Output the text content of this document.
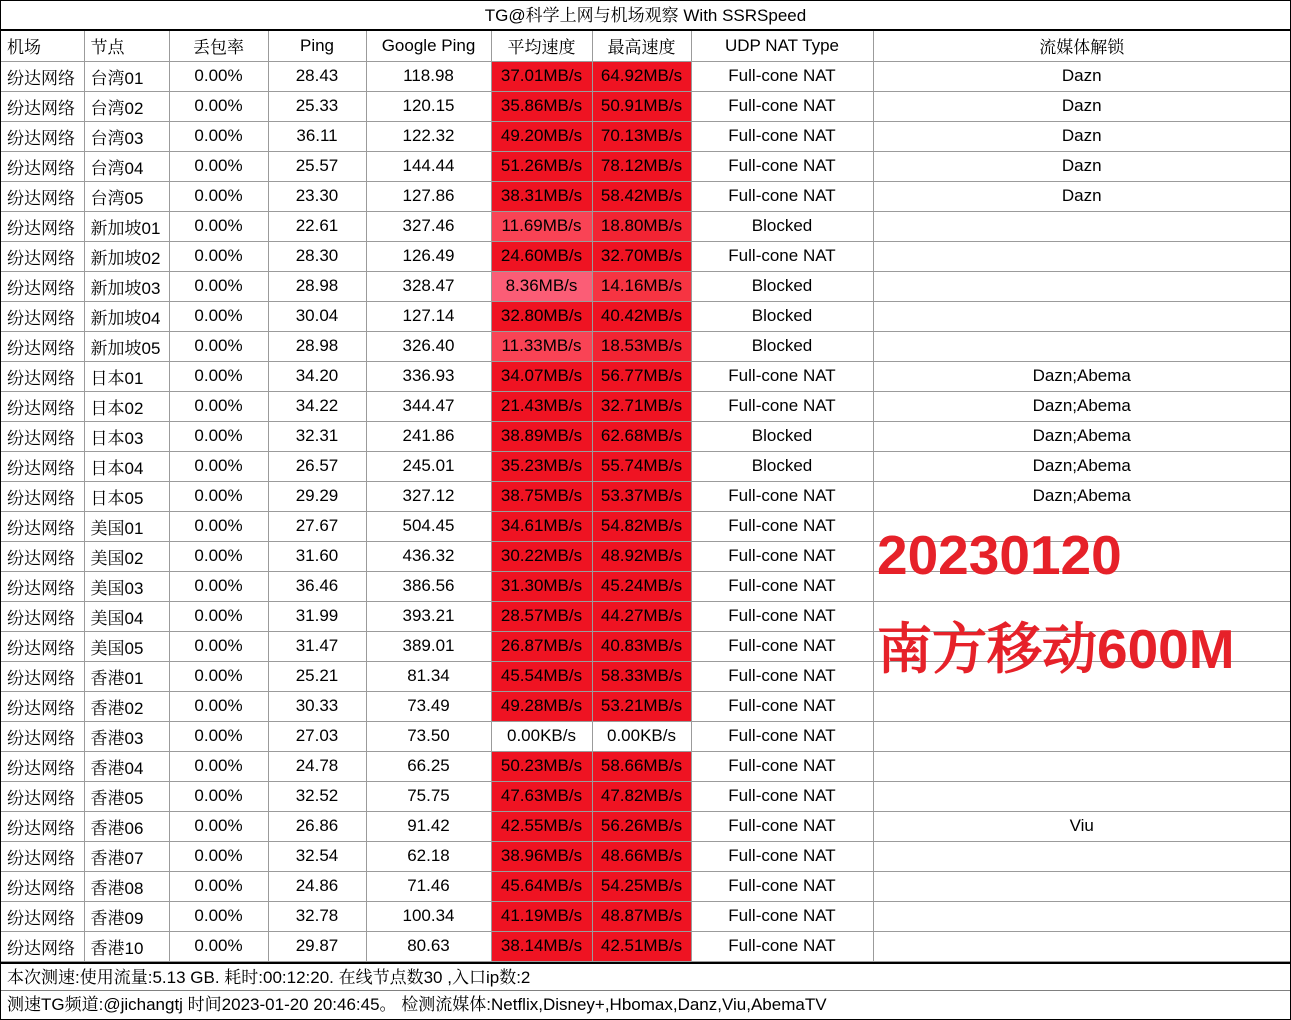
TG@科学上网与机场观察 With SSRSpeed
机场	节点	丢包率	Ping	Google Ping	平均速度	最高速度	UDP NAT Type	流媒体解锁
纷达网络	台湾01	0.00%	28.43	118.98	37.01MB/s	64.92MB/s	Full-cone NAT	Dazn
纷达网络	台湾02	0.00%	25.33	120.15	35.86MB/s	50.91MB/s	Full-cone NAT	Dazn
纷达网络	台湾03	0.00%	36.11	122.32	49.20MB/s	70.13MB/s	Full-cone NAT	Dazn
纷达网络	台湾04	0.00%	25.57	144.44	51.26MB/s	78.12MB/s	Full-cone NAT	Dazn
纷达网络	台湾05	0.00%	23.30	127.86	38.31MB/s	58.42MB/s	Full-cone NAT	Dazn
纷达网络	新加坡01	0.00%	22.61	327.46	11.69MB/s	18.80MB/s	Blocked	
纷达网络	新加坡02	0.00%	28.30	126.49	24.60MB/s	32.70MB/s	Full-cone NAT	
纷达网络	新加坡03	0.00%	28.98	328.47	8.36MB/s	14.16MB/s	Blocked	
纷达网络	新加坡04	0.00%	30.04	127.14	32.80MB/s	40.42MB/s	Blocked	
纷达网络	新加坡05	0.00%	28.98	326.40	11.33MB/s	18.53MB/s	Blocked	
纷达网络	日本01	0.00%	34.20	336.93	34.07MB/s	56.77MB/s	Full-cone NAT	Dazn;Abema
纷达网络	日本02	0.00%	34.22	344.47	21.43MB/s	32.71MB/s	Full-cone NAT	Dazn;Abema
纷达网络	日本03	0.00%	32.31	241.86	38.89MB/s	62.68MB/s	Blocked	Dazn;Abema
纷达网络	日本04	0.00%	26.57	245.01	35.23MB/s	55.74MB/s	Blocked	Dazn;Abema
纷达网络	日本05	0.00%	29.29	327.12	38.75MB/s	53.37MB/s	Full-cone NAT	Dazn;Abema
纷达网络	美国01	0.00%	27.67	504.45	34.61MB/s	54.82MB/s	Full-cone NAT	
纷达网络	美国02	0.00%	31.60	436.32	30.22MB/s	48.92MB/s	Full-cone NAT	
纷达网络	美国03	0.00%	36.46	386.56	31.30MB/s	45.24MB/s	Full-cone NAT	
纷达网络	美国04	0.00%	31.99	393.21	28.57MB/s	44.27MB/s	Full-cone NAT	
纷达网络	美国05	0.00%	31.47	389.01	26.87MB/s	40.83MB/s	Full-cone NAT	
纷达网络	香港01	0.00%	25.21	81.34	45.54MB/s	58.33MB/s	Full-cone NAT	
纷达网络	香港02	0.00%	30.33	73.49	49.28MB/s	53.21MB/s	Full-cone NAT	
纷达网络	香港03	0.00%	27.03	73.50	0.00KB/s	0.00KB/s	Full-cone NAT	
纷达网络	香港04	0.00%	24.78	66.25	50.23MB/s	58.66MB/s	Full-cone NAT	
纷达网络	香港05	0.00%	32.52	75.75	47.63MB/s	47.82MB/s	Full-cone NAT	
纷达网络	香港06	0.00%	26.86	91.42	42.55MB/s	56.26MB/s	Full-cone NAT	Viu
纷达网络	香港07	0.00%	32.54	62.18	38.96MB/s	48.66MB/s	Full-cone NAT	
纷达网络	香港08	0.00%	24.86	71.46	45.64MB/s	54.25MB/s	Full-cone NAT	
纷达网络	香港09	0.00%	32.78	100.34	41.19MB/s	48.87MB/s	Full-cone NAT	
纷达网络	香港10	0.00%	29.87	80.63	38.14MB/s	42.51MB/s	Full-cone NAT	
20230120
南方移动600M
本次测速:使用流量:5.13 GB. 耗时:00:12:20. 在线节点数30 ,入口ip数:2
测速TG频道:@jichangtj 时间2023-01-20 20:46:45。 检测流媒体:Netflix,Disney+,Hbomax,Danz,Viu,AbemaTV
